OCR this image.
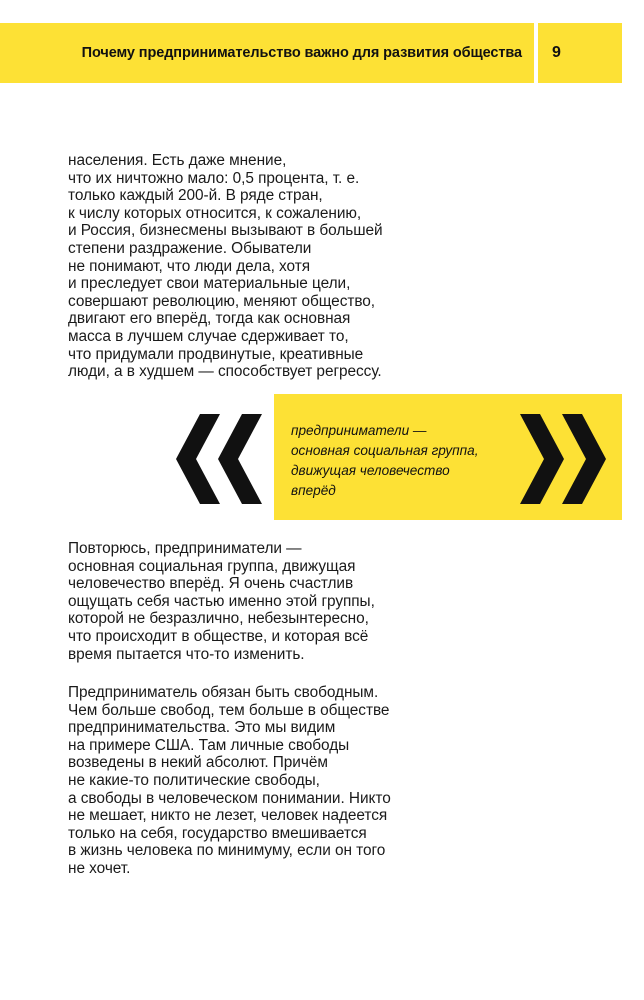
Почему предпринимательство важно для развития общества 9
населения. Есть даже мнение,
что их ничтожно мало: 0,5 процента, т. е.
только каждый 200-й. В ряде стран,
к числу которых относится, к сожалению,
и Россия, бизнесмены вызывают в большей
степени раздражение. Обыватели
не понимают, что люди дела, хотя
и преследует свои материальные цели,
совершают революцию, меняют общество,
двигают его вперёд, тогда как основная
масса в лучшем случае сдерживает то,
что придумали продвинутые, креативные
люди, а в худшем — способствует регрессу.
предприниматели —
основная социальная группа,
движущая человечество
вперёд
Повторюсь, предприниматели —
основная социальная группа, движущая
человечество вперёд. Я очень счастлив
ощущать себя частью именно этой группы,
которой не безразлично, небезынтересно,
что происходит в обществе, и которая всё
время пытается что-то изменить.
Предприниматель обязан быть свободным.
Чем больше свобод, тем больше в обществе
предпринимательства. Это мы видим
на примере США. Там личные свободы
возведены в некий абсолют. Причём
не какие-то политические свободы,
а свободы в человеческом понимании. Никто
не мешает, никто не лезет, человек надеется
только на себя, государство вмешивается
в жизнь человека по минимуму, если он того
не хочет.
